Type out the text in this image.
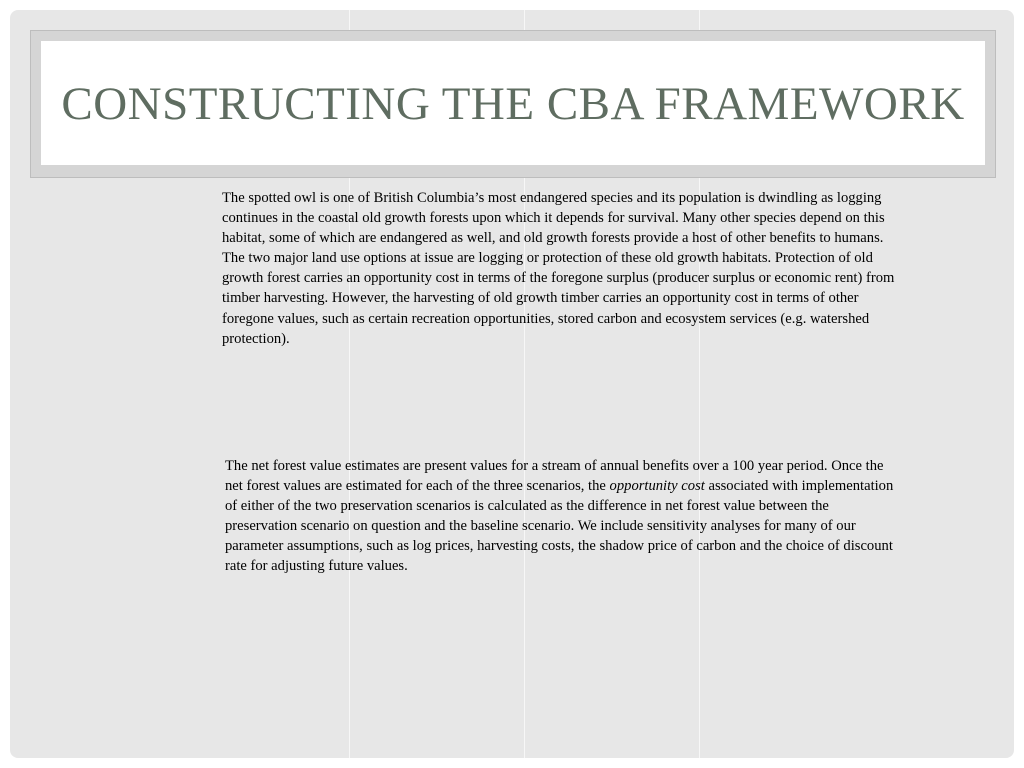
CONSTRUCTING THE CBA FRAMEWORK

The spotted owl is one of British Columbia’s most endangered species and its population is dwindling as logging continues in the coastal old growth forests upon which it depends for survival. Many other species depend on this habitat, some of which are endangered as well, and old growth forests provide a host of other benefits to humans. The two major land use options at issue are logging or protection of these old growth habitats. Protection of old growth forest carries an opportunity cost in terms of the foregone surplus (producer surplus or economic rent) from timber harvesting. However, the harvesting of old growth timber carries an opportunity cost in terms of other foregone values, such as certain recreation opportunities, stored carbon and ecosystem services (e.g. watershed protection).

The net forest value estimates are present values for a stream of annual benefits over a 100 year period. Once the net forest values are estimated for each of the three scenarios, the opportunity cost associated with implementation of either of the two preservation scenarios is calculated as the difference in net forest value between the preservation scenario on question and the baseline scenario. We include sensitivity analyses for many of our parameter assumptions, such as log prices, harvesting costs, the shadow price of carbon and the choice of discount rate for adjusting future values.
